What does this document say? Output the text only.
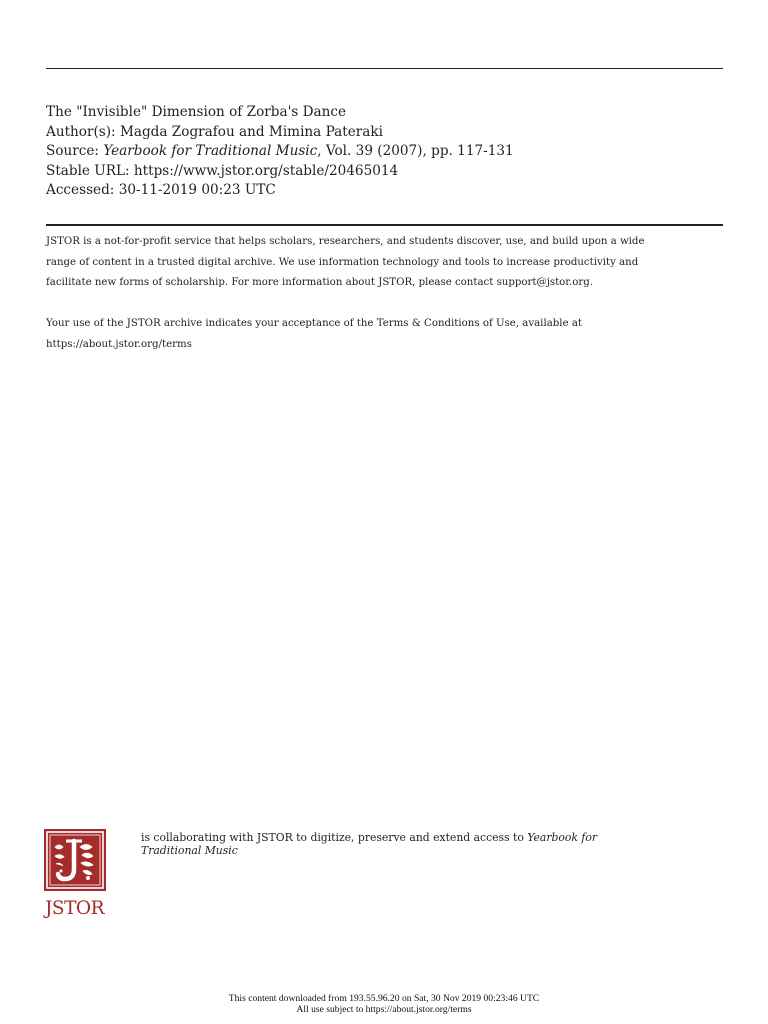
The "Invisible" Dimension of Zorba's Dance
Author(s): Magda Zografou and Mimina Pateraki
Source: Yearbook for Traditional Music, Vol. 39 (2007), pp. 117-131
Stable URL: https://www.jstor.org/stable/20465014
Accessed: 30-11-2019 00:23 UTC

JSTOR is a not-for-profit service that helps scholars, researchers, and students discover, use, and build upon a wide

range of content in a trusted digital archive. We use information technology and tools to increase productivity and

facilitate new forms of scholarship. For more information about JSTOR, please contact support@jstor.org.

Your use of the JSTOR archive indicates your acceptance of the Terms & Conditions of Use, available at

https://about.jstor.org/terms

JSTOR
is collaborating with JSTOR to digitize, preserve and extend access to Yearbook for
Traditional Music
This content downloaded from 193.55.96.20 on Sat, 30 Nov 2019 00:23:46 UTC
All use subject to https://about.jstor.org/terms
